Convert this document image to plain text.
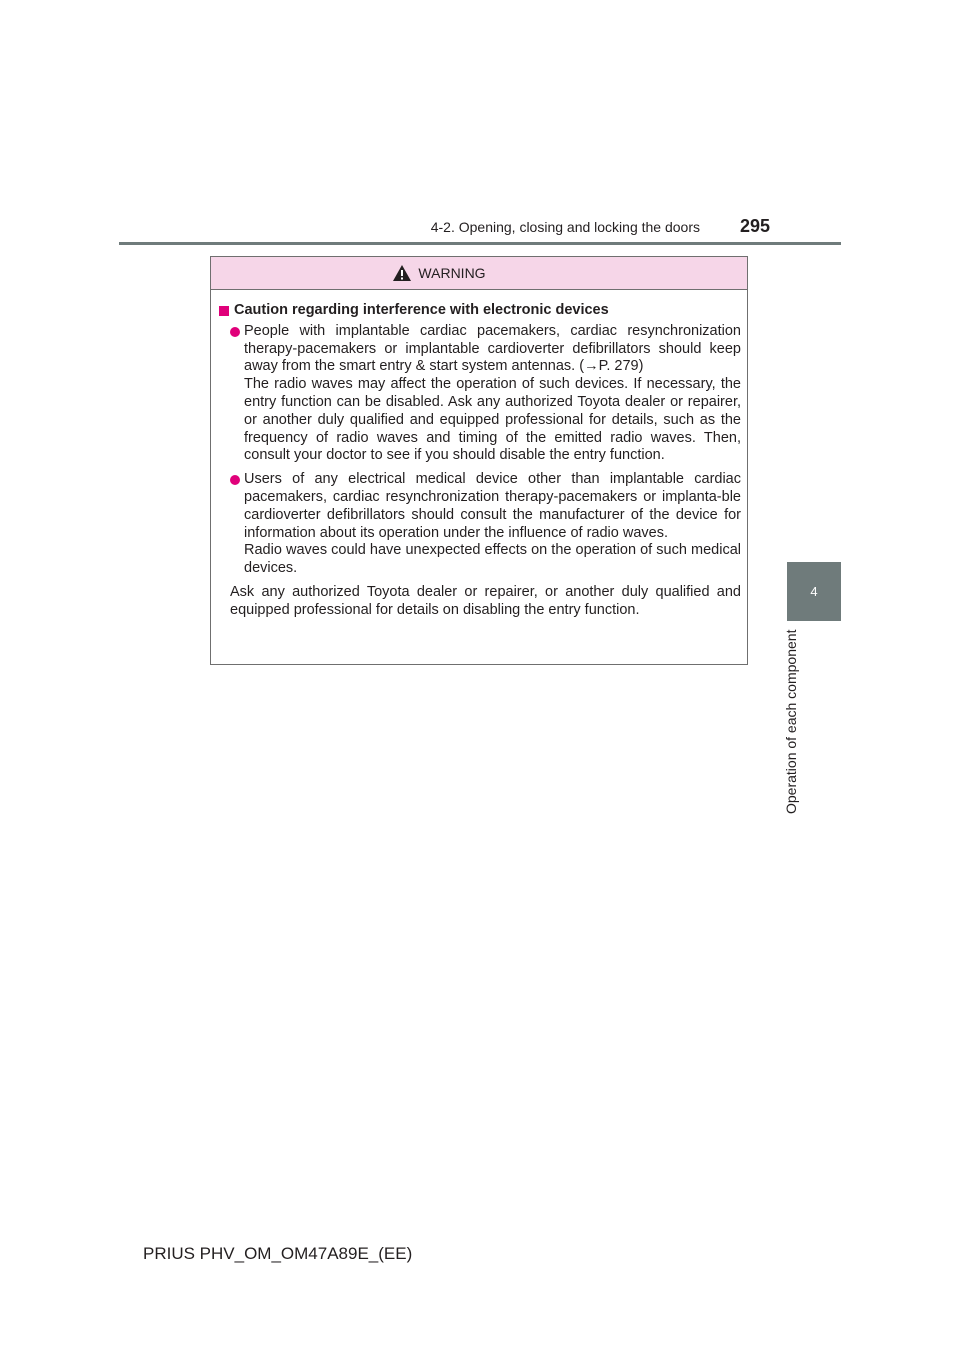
4-2. Opening, closing and locking the doors 295
4
Operation of each component
WARNING
Caution regarding interference with electronic devices

People with implantable cardiac pacemakers, cardiac resynchronization therapy-pacemakers or implantable cardioverter defibrillators should keep away from the smart entry & start system antennas. (→P. 279)

The radio waves may affect the operation of such devices. If necessary, the entry function can be disabled. Ask any authorized Toyota dealer or repairer, or another duly qualified and equipped professional for details, such as the frequency of radio waves and timing of the emitted radio waves. Then, consult your doctor to see if you should disable the entry function.

Users of any electrical medical device other than implantable cardiac pacemakers, cardiac resynchronization therapy-pacemakers or implanta-ble cardioverter defibrillators should consult the manufacturer of the device for information about its operation under the influence of radio waves.

Radio waves could have unexpected effects on the operation of such medical devices.

Ask any authorized Toyota dealer or repairer, or another duly qualified and equipped professional for details on disabling the entry function.

PRIUS PHV_OM_OM47A89E_(EE)
